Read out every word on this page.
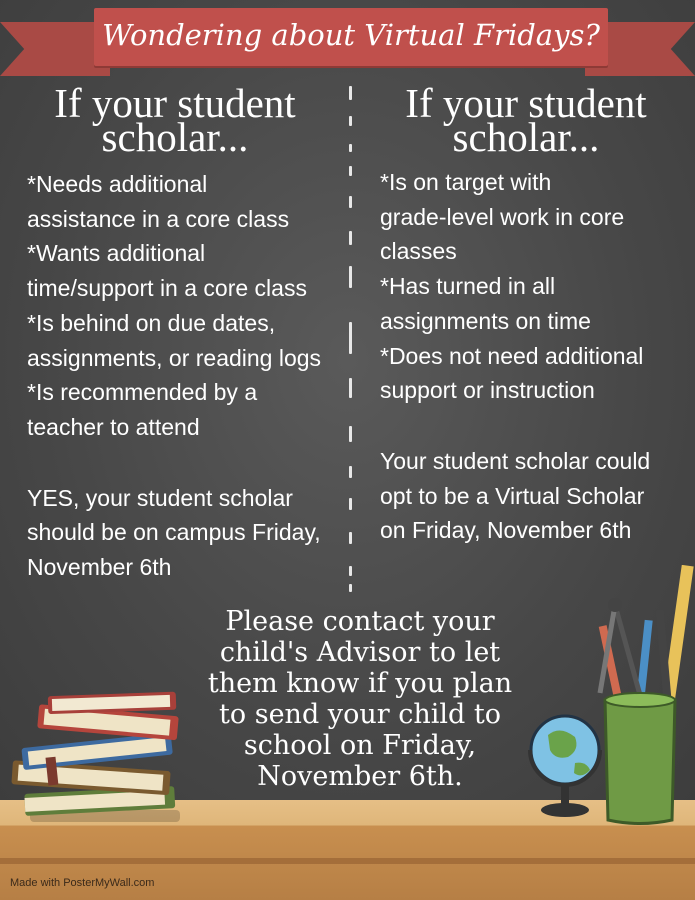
Wondering about Virtual Fridays?
If your student
scholar...
If your student
scholar...

*Needs additional

assistance in a core class

*Wants additional

time/support in a core class

*Is behind on due dates,

assignments, or reading logs

*Is recommended by a

teacher to attend

YES, your student scholar

should be on campus Friday,

November 6th

*Is on target with

grade-level work in core

classes

*Has turned in all

assignments on time

*Does not need additional

support or instruction

Your student scholar could

opt to be a Virtual Scholar

on Friday, November 6th

Please contact your
child's Advisor to let
them know if you plan
to send your child to
school on Friday,
November 6th.
Made with PosterMyWall.com
